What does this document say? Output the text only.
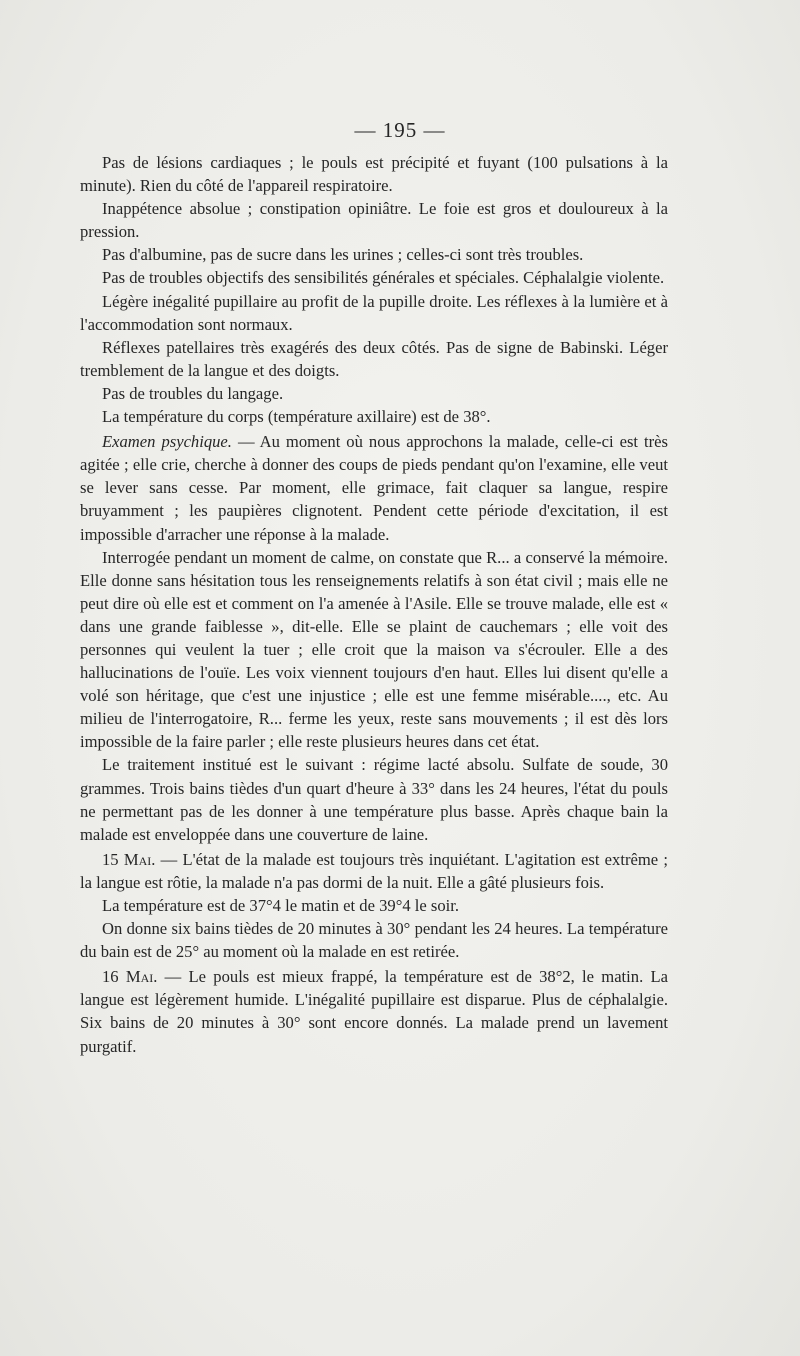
— 195 —

Pas de lésions cardiaques ; le pouls est précipité et fuyant (100 pulsations à la minute). Rien du côté de l'appareil respiratoire.

Inappétence absolue ; constipation opiniâtre. Le foie est gros et douloureux à la pression.

Pas d'albumine, pas de sucre dans les urines ; celles-ci sont très troubles.

Pas de troubles objectifs des sensibilités générales et spéciales. Céphalalgie violente.

Légère inégalité pupillaire au profit de la pupille droite. Les réflexes à la lumière et à l'accommodation sont normaux.

Réflexes patellaires très exagérés des deux côtés. Pas de signe de Babinski. Léger tremblement de la langue et des doigts.

Pas de troubles du langage.

La température du corps (température axillaire) est de 38°.

Examen psychique. — Au moment où nous approchons la malade, celle-ci est très agitée ; elle crie, cherche à donner des coups de pieds pendant qu'on l'examine, elle veut se lever sans cesse. Par moment, elle grimace, fait claquer sa langue, respire bruyamment ; les paupières clignotent. Pendent cette période d'excitation, il est impossible d'arracher une réponse à la malade.

Interrogée pendant un moment de calme, on constate que R... a conservé la mémoire. Elle donne sans hésitation tous les renseignements relatifs à son état civil ; mais elle ne peut dire où elle est et comment on l'a amenée à l'Asile. Elle se trouve malade, elle est « dans une grande faiblesse », dit-elle. Elle se plaint de cauchemars ; elle voit des personnes qui veulent la tuer ; elle croit que la maison va s'écrouler. Elle a des hallucinations de l'ouïe. Les voix viennent toujours d'en haut. Elles lui disent qu'elle a volé son héritage, que c'est une injustice ; elle est une femme misérable...., etc. Au milieu de l'interrogatoire, R... ferme les yeux, reste sans mouvements ; il est dès lors impossible de la faire parler ; elle reste plusieurs heures dans cet état.

Le traitement institué est le suivant : régime lacté absolu. Sulfate de soude, 30 grammes. Trois bains tièdes d'un quart d'heure à 33° dans les 24 heures, l'état du pouls ne permettant pas de les donner à une température plus basse. Après chaque bain la malade est enveloppée dans une couverture de laine.

15 Mai. — L'état de la malade est toujours très inquiétant. L'agitation est extrême ; la langue est rôtie, la malade n'a pas dormi de la nuit. Elle a gâté plusieurs fois.

La température est de 37°4 le matin et de 39°4 le soir.

On donne six bains tièdes de 20 minutes à 30° pendant les 24 heures. La température du bain est de 25° au moment où la malade en est retirée.

16 Mai. — Le pouls est mieux frappé, la température est de 38°2, le matin. La langue est légèrement humide. L'inégalité pupillaire est disparue. Plus de céphalalgie. Six bains de 20 minutes à 30° sont encore donnés. La malade prend un lavement purgatif.
